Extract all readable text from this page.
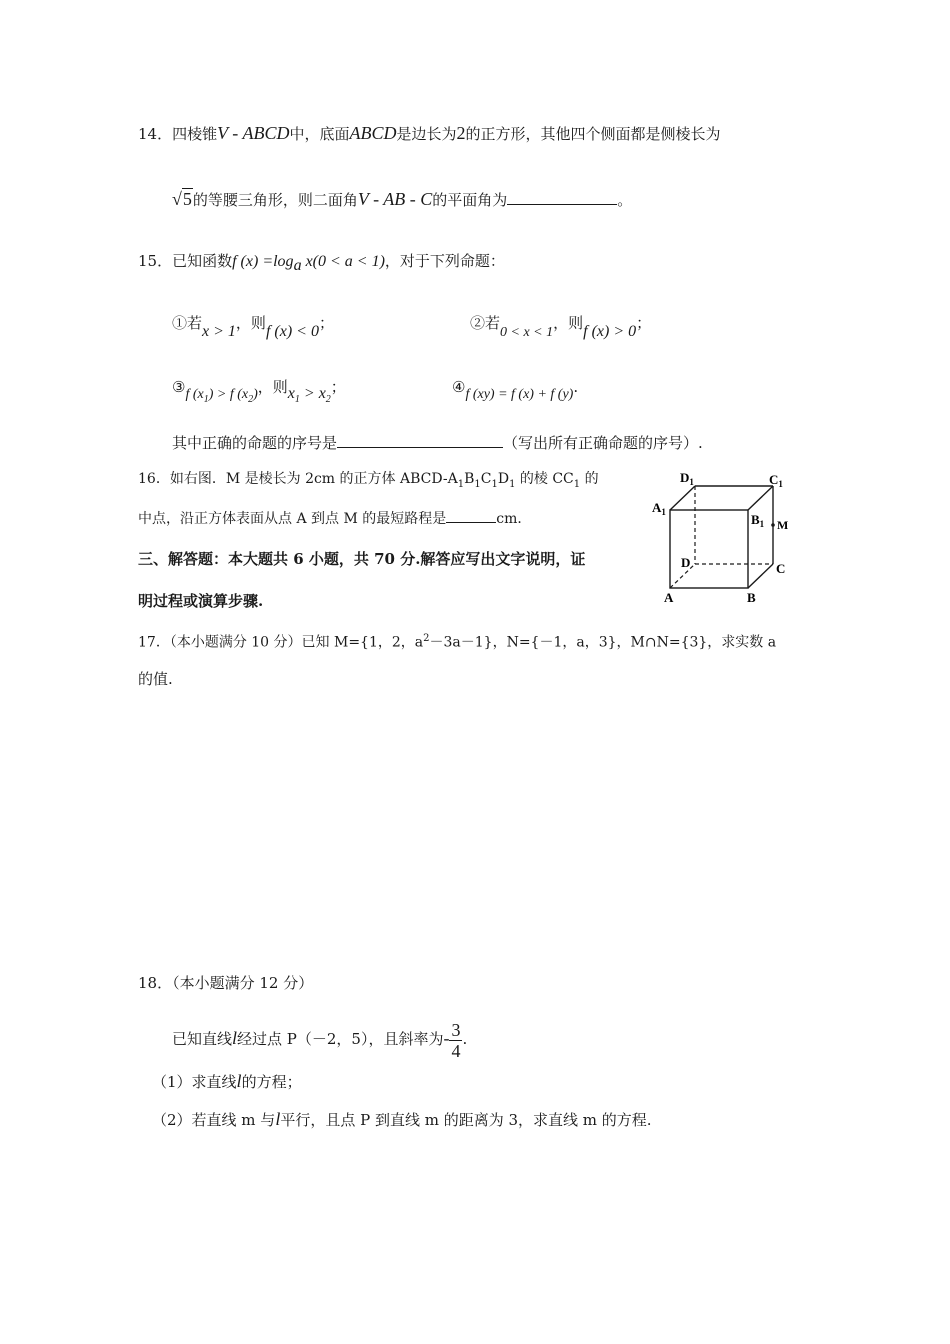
14．四棱锥V - ABCD中，底面ABCD是边长为2的正方形，其他四个侧面都是侧棱长为
√5的等腰三角形，则二面角V - AB - C的平面角为	。
15．已知函数f $(x) =\log_a$ x(0 < a < 1)，对于下列命题：
①若x > 1，则f (x) < 0；	②若0 < x < 1，则f (x) > 0；
③f $(x_1) > f$ $(x_2)$，则$x_1 > x_2$；	④f (xy) = f (x) + f (y).
其中正确的命题的序号是	（写出所有正确命题的序号）.
16．如右图．M 是棱长为 2cm 的正方体 ABCD-$A_1B_1C_1D_1$ 的棱 $CC_1$ 的
中点，沿正方体表面从点 A 到点 M 的最短路程是	cm．
$D_1$	$C_1$
$A_1$	$B_1$ M
D	C
A	B
三、解答题：本大题共 6 小题，共 70 分.解答应写出文字说明，证
明过程或演算步骤.
17．（本小题满分 10 分）已知 M={1，2，$a^2-3a-1$}，N={－1，a，3}，M∩N={3}，求实数 a
的值.
18．（本小题满分 12 分）
已知直线l经过点 P（－2，5），且斜率为- $\frac{3}{4}$ .
（1）求直线l的方程；
（2）若直线 m 与l平行，且点 P 到直线 m 的距离为 3，求直线 m 的方程.
